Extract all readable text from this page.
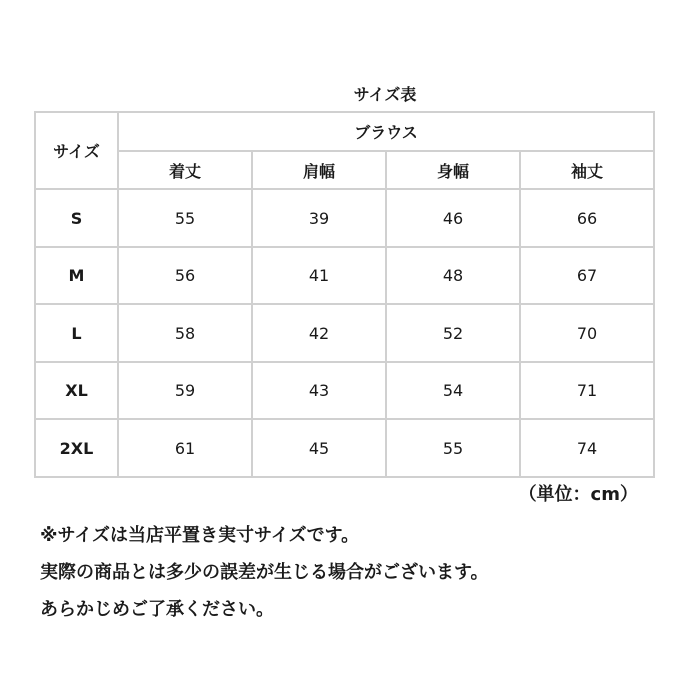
サイズ表
サイズ	ブラウス			
	着丈	肩幅	身幅	袖丈
S	55	39	46	66
M	56	41	48	67
L	58	42	52	70
XL	59	43	54	71
2XL	61	45	55	74
（単位：cm）
※サイズは当店平置き実寸サイズです。
実際の商品とは多少の誤差が生じる場合がございます。
あらかじめご了承ください。
